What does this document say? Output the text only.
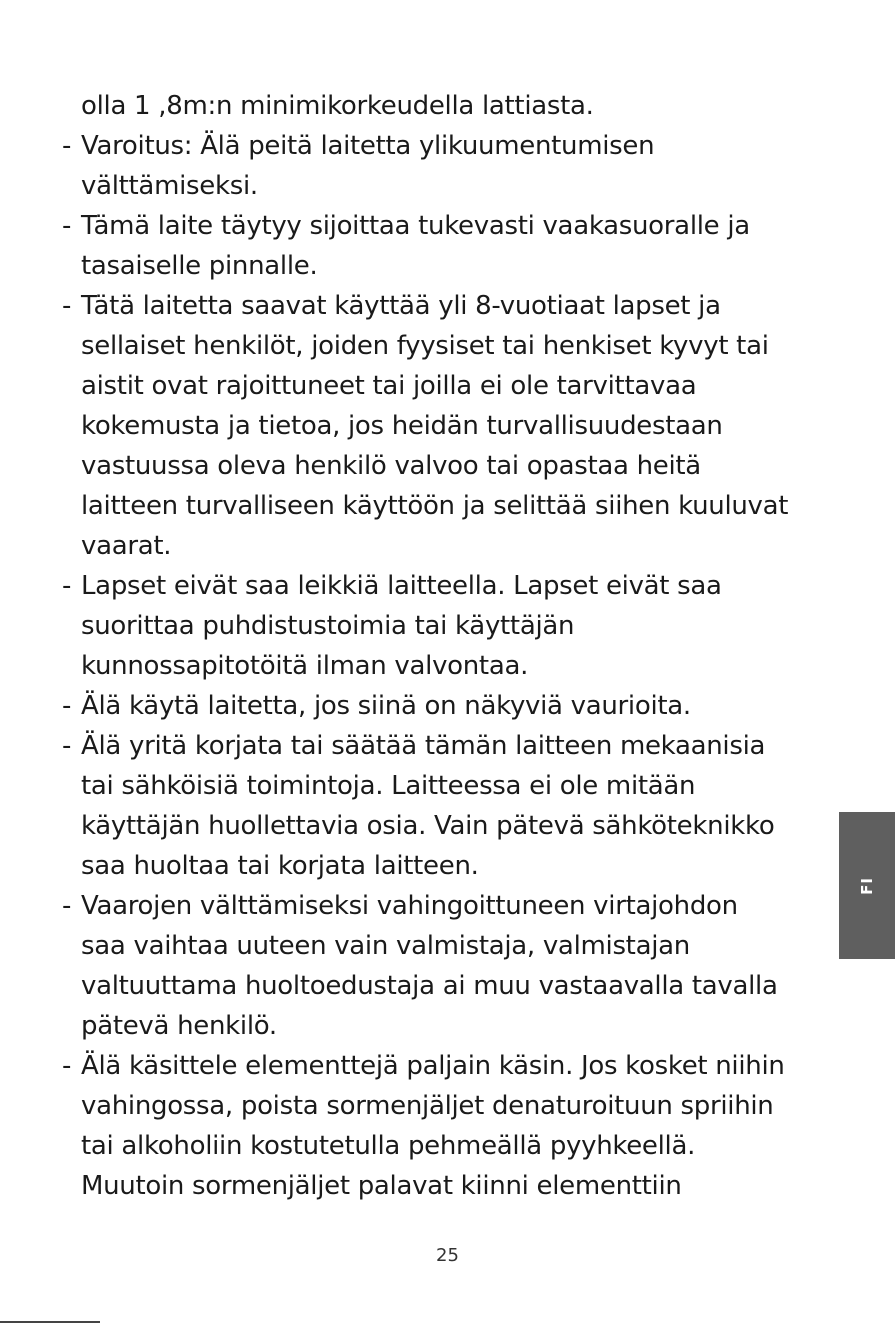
olla 1 ,8m:n minimikorkeudella lattiasta.
- Varoitus: Älä peitä laitetta ylikuumentumisen
välttämiseksi.
- Tämä laite täytyy sijoittaa tukevasti vaakasuoralle ja
tasaiselle pinnalle.
- Tätä laitetta saavat käyttää yli 8-vuotiaat lapset ja
sellaiset henkilöt, joiden fyysiset tai henkiset kyvyt tai
aistit ovat rajoittuneet tai joilla ei ole tarvittavaa
kokemusta ja tietoa, jos heidän turvallisuudestaan
vastuussa oleva henkilö valvoo tai opastaa heitä
laitteen turvalliseen käyttöön ja selittää siihen kuuluvat
vaarat.
- Lapset eivät saa leikkiä laitteella. Lapset eivät saa
suorittaa puhdistustoimia tai käyttäjän
kunnossapitotöitä ilman valvontaa.
- Älä käytä laitetta, jos siinä on näkyviä vaurioita.
- Älä yritä korjata tai säätää tämän laitteen mekaanisia
tai sähköisiä toimintoja. Laitteessa ei ole mitään
käyttäjän huollettavia osia. Vain pätevä sähköteknikko
saa huoltaa tai korjata laitteen.
- Vaarojen välttämiseksi vahingoittuneen virtajohdon
saa vaihtaa uuteen vain valmistaja, valmistajan
valtuuttama huoltoedustaja ai muu vastaavalla tavalla
pätevä henkilö.
- Älä käsittele elementtejä paljain käsin. Jos kosket niihin
vahingossa, poista sormenjäljet denaturoituun spriihin
tai alkoholiin kostutetulla pehmeällä pyyhkeellä.
Muutoin sormenjäljet palavat kiinni elementtiin
FI
25
